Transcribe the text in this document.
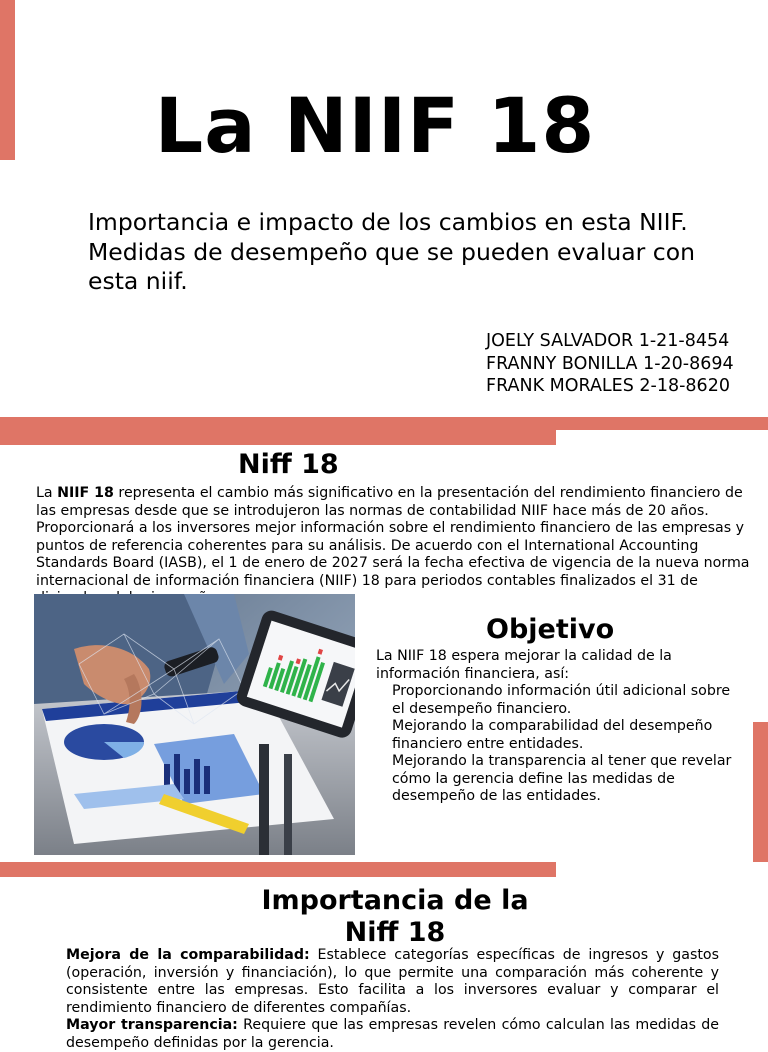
La NIIF 18
Importancia e impacto de los cambios en esta NIIF.
Medidas de desempeño que se pueden evaluar con esta niif.
JOELY SALVADOR 1-21-8454
FRANNY BONILLA 1-20-8694
FRANK MORALES 2-18-8620
Niff 18
La NIIF 18 representa el cambio más significativo en la presentación del rendimiento financiero de las empresas desde que se introdujeron las normas de contabilidad NIIF hace más de 20 años. Proporcionará a los inversores mejor información sobre el rendimiento financiero de las empresas y puntos de referencia coherentes para su análisis. De acuerdo con el International Accounting Standards Board (IASB), el 1 de enero de 2027 será la fecha efectiva de vigencia de la nueva norma internacional de información financiera (NIIF) 18 para periodos contables finalizados el 31 de
Objetivo
La NIIF 18 espera mejorar la calidad de la información financiera, así:
Proporcionando información útil adicional sobre el desempeño financiero.
Mejorando la comparabilidad del desempeño financiero entre entidades.
Mejorando la transparencia al tener que revelar cómo la gerencia define las medidas de desempeño de las entidades.
Importancia de la
Niff 18
Mejora de la comparabilidad: Establece categorías específicas de ingresos y gastos (operación, inversión y financiación), lo que permite una comparación más coherente y consistente entre las empresas. Esto facilita a los inversores evaluar y comparar el rendimiento financiero de diferentes compañías.
Mayor transparencia: Requiere que las empresas revelen cómo calculan las medidas de desempeño definidas por la gerencia.
